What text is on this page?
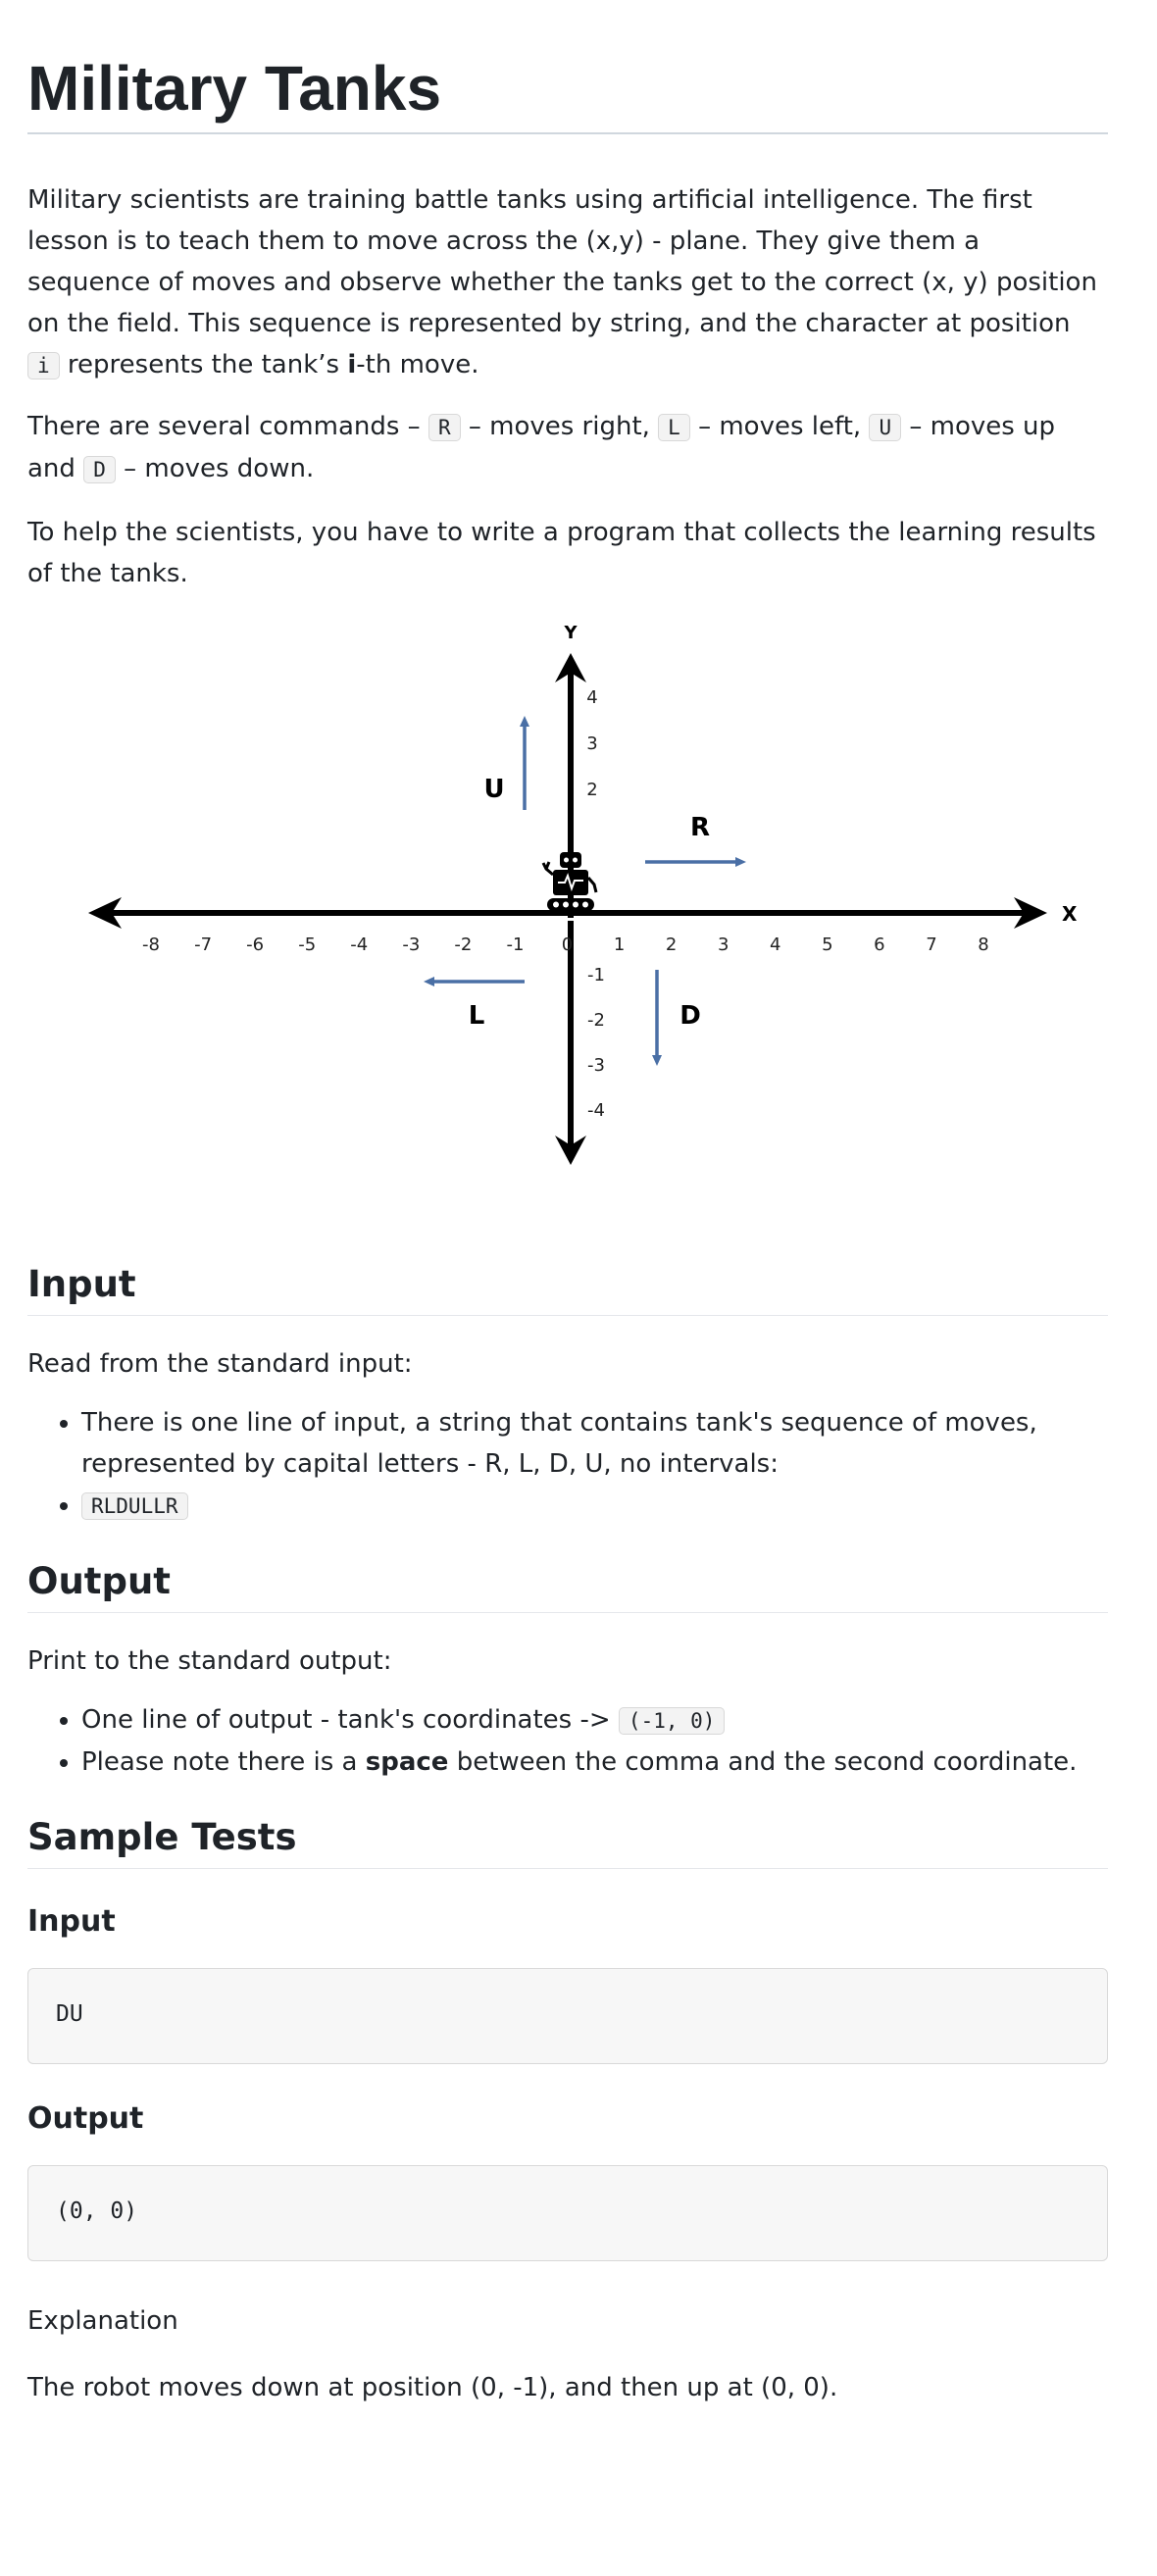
Military Tanks

Military scientists are training battle tanks using artificial intelligence. The first lesson is to teach them to move across the (x,y) - plane. They give them a sequence of moves and observe whether the tanks get to the correct (x, y) position on the field. This sequence is represented by string, and the character at position i represents the tank’s i-th move.

There are several commands – R – moves right, L – moves left, U – moves up and D – moves down.

To help the scientists, you have to write a program that collects the learning results of the tanks.

X
Y
-8 -7 -6 -5 -4 -3 -2 -1 0 1 2 3 4 5 6 7 8
4
3
2
-1
-2
-3
-4
U
R
L	D
Input

Read from the standard input:

• There is one line of input, a string that contains tank's sequence of moves, represented by capital letters - R, L, D, U, no intervals:
• RLDULLR
Output

Print to the standard output:

• One line of output - tank's coordinates -> (-1, 0)
• Please note there is a space between the comma and the second coordinate.
Sample Tests
Input
DU
Output
(0, 0)

Explanation

The robot moves down at position (0, -1), and then up at (0, 0).
